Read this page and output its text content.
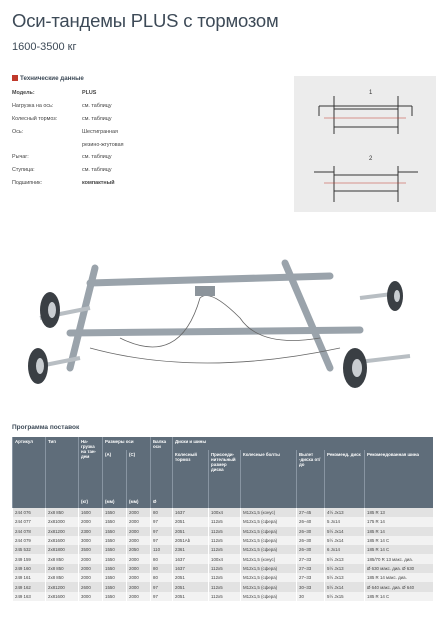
Оси-тандемы PLUS с тормозом
1600-3500 кг
Технические данные
Модель:	PLUS
Нагрузка на ось:	см. таблицу
Колесный тормоз:	см. таблицу
Ось:	Шестигранная
резино-жгутовая
Рычаг:	см. таблицу
Ступица:	см. таблицу
Подшипник:	компактный
1
2
Программа поставок
Артикул	Тип	На-грузка на тан-дем	Размеры оси		Балка оси	Диски и шины					
			(A)	(C)		Колесный тормоз	Присоеди-нительный размер диска	Колесные болты	Вылет -дисха от/до	Рекоменд. диск	Рекомендованная шина
		(кг)	(мм)	(мм)	Ø						
244 076	2x8 850	1600	1550	2000	80	1637	100x4	M12x1,5 (конус)	27–45	4½ Jx13	185 R 13
244 077	2x81000	2000	1550	2000	97	2051	112x5	M12x1,5 (сфера)	26–40	5 Jx14	175 R 14
244 078	2x81200	2300	1550	2000	97	2051	112x5	M12x1,5 (сфера)	26–30	5½ Jx14	185 R 14
244 079	2x81600	3000	1550	2000	97	2051Ab	112x5	M12x1,5 (сфера)	26–30	5½ Jx14	185 R 14 C
245 532	2x81800	3500	1550	2050	110	2361	112x5	M12x1,5 (сфера)	26–30	6 Jx14	185 R 14 C
249 159	2x8 850	2000	1550	2000	80	1637	100x4	M12x1,5 (конус)	27–33	5½ Jx13	185/70 R 13 макс. диа.
249 160	2x8 850	2000	1550	2000	80	1637	112x5	M12x1,5 (сфера)	27–33	5½ Jx13	Ø 630 макс. диа. Ø 630
249 161	2x8 850	2000	1550	2000	80	2051	112x5	M12x1,5 (сфера)	27–33	5½ Jx13	185 R 14 макс. диа.
249 162	2x81200	2600	1550	2000	97	2051	112x5	M12x1,5 (сфера)	30–33	5½ Jx14	Ø 640 макс. диа. Ø 640
249 163	2x81600	3000	1550	2000	97	2051	112x5	M12x1,5 (сфера)	30	5½ Jx15	185 R 14 C
